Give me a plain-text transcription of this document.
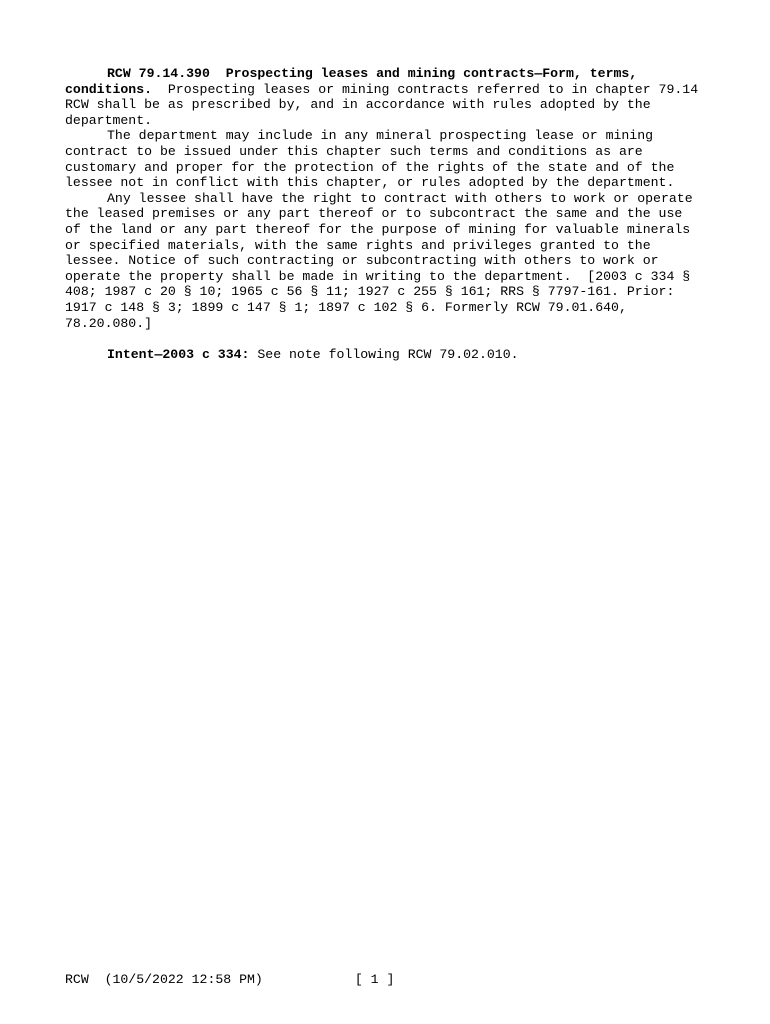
RCW 79.14.390  Prospecting leases and mining contracts—Form, terms, conditions.  Prospecting leases or mining contracts referred to in chapter 79.14 RCW shall be as prescribed by, and in accordance with rules adopted by the department.

The department may include in any mineral prospecting lease or mining contract to be issued under this chapter such terms and conditions as are customary and proper for the protection of the rights of the state and of the lessee not in conflict with this chapter, or rules adopted by the department.

Any lessee shall have the right to contract with others to work or operate the leased premises or any part thereof or to subcontract the same and the use of the land or any part thereof for the purpose of mining for valuable minerals or specified materials, with the same rights and privileges granted to the lessee. Notice of such contracting or subcontracting with others to work or operate the property shall be made in writing to the department.  [2003 c 334 § 408; 1987 c 20 § 10; 1965 c 56 § 11; 1927 c 255 § 161; RRS § 7797-161. Prior: 1917 c 148 § 3; 1899 c 147 § 1; 1897 c 102 § 6. Formerly RCW 79.01.640, 78.20.080.]

Intent—2003 c 334: See note following RCW 79.02.010.

RCW  (10/5/2022 12:58 PM)	[ 1 ]
